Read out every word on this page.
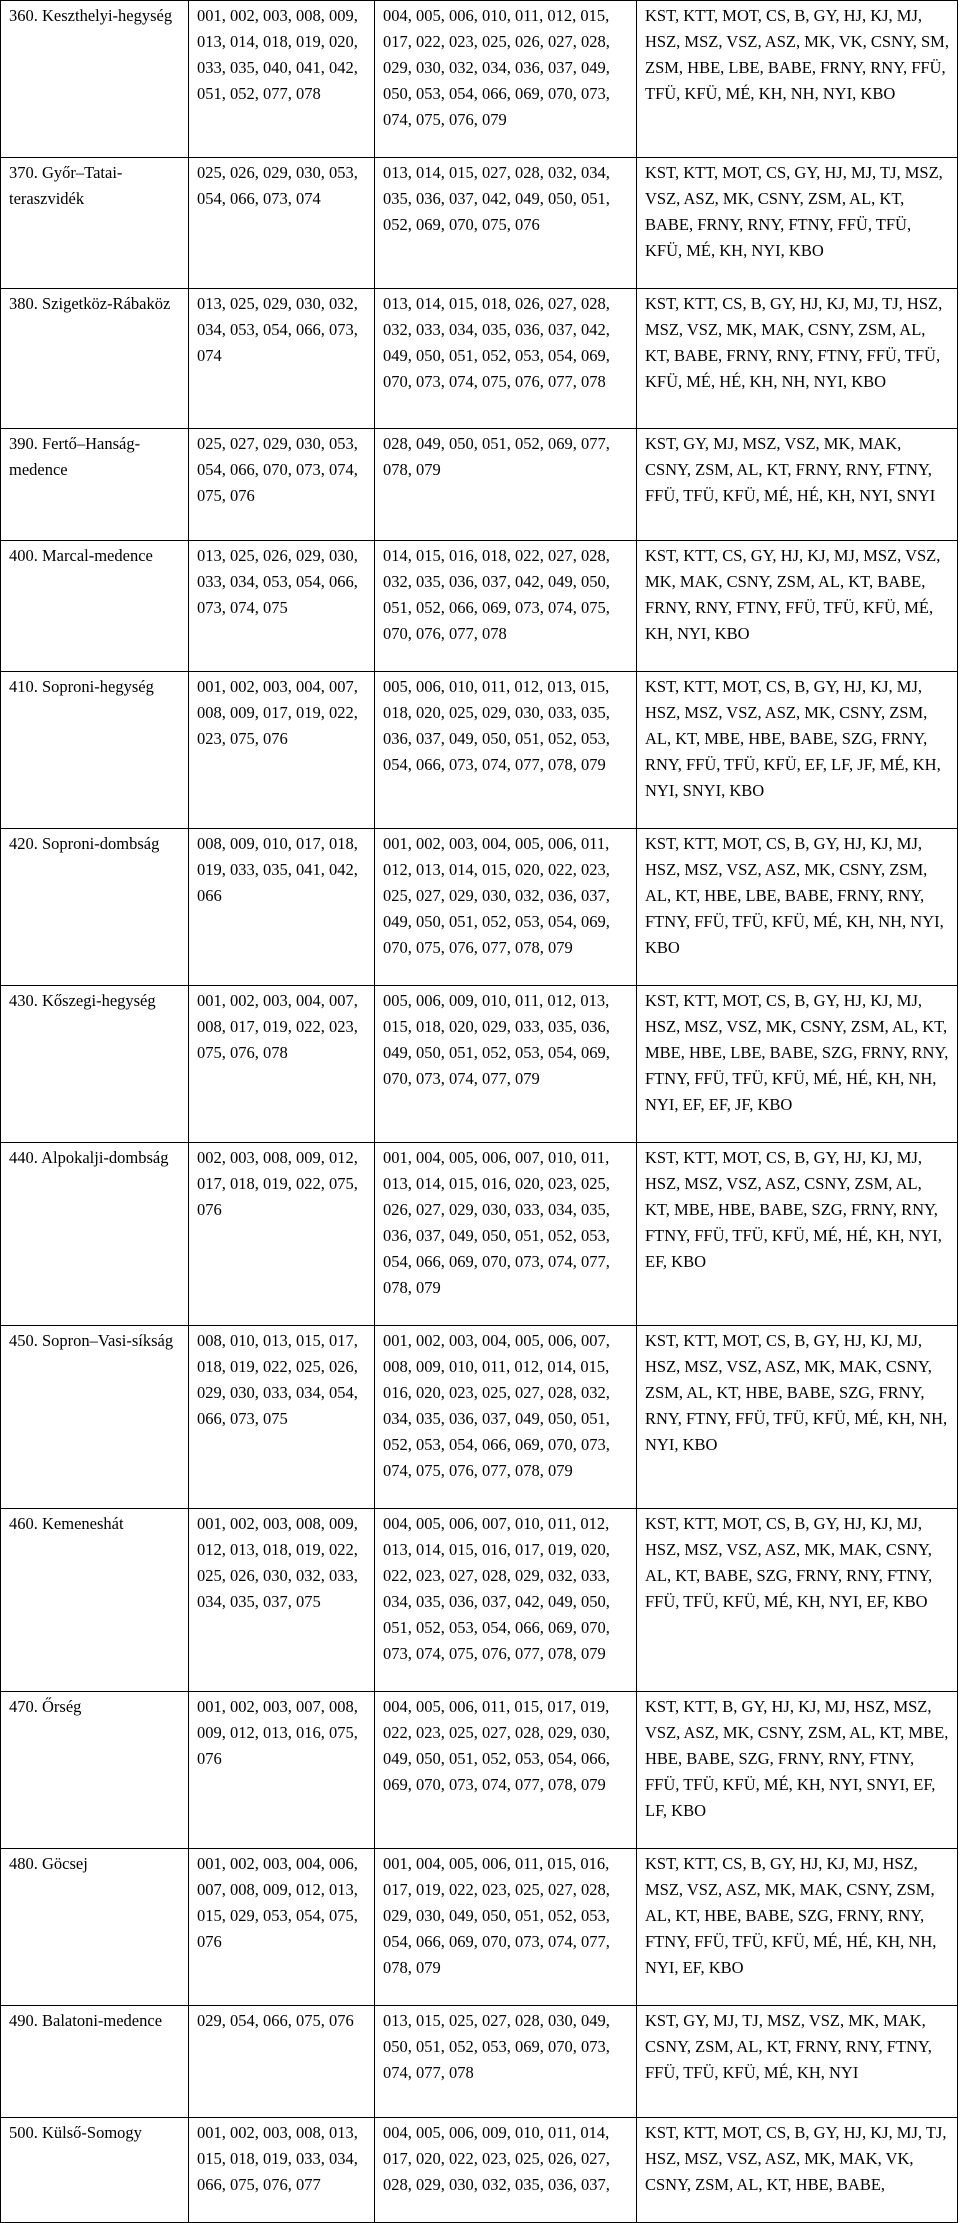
360. Keszthelyi-hegység	001, 002, 003, 008, 009, 013, 014, 018, 019, 020, 033, 035, 040, 041, 042, 051, 052, 077, 078	004, 005, 006, 010, 011, 012, 015, 017, 022, 023, 025, 026, 027, 028, 029, 030, 032, 034, 036, 037, 049, 050, 053, 054, 066, 069, 070, 073, 074, 075, 076, 079	KST, KTT, MOT, CS, B, GY, HJ, KJ, MJ, HSZ, MSZ, VSZ, ASZ, MK, VK, CSNY, SM, ZSM, HBE, LBE, BABE, FRNY, RNY, FFÜ, TFÜ, KFÜ, MÉ, KH, NH, NYI, KBO
370. Győr–Tatai-teraszvidék	025, 026, 029, 030, 053, 054, 066, 073, 074	013, 014, 015, 027, 028, 032, 034, 035, 036, 037, 042, 049, 050, 051, 052, 069, 070, 075, 076	KST, KTT, MOT, CS, GY, HJ, MJ, TJ, MSZ, VSZ, ASZ, MK, CSNY, ZSM, AL, KT, BABE, FRNY, RNY, FTNY, FFÜ, TFÜ, KFÜ, MÉ, KH, NYI, KBO
380. Szigetköz-Rábaköz	013, 025, 029, 030, 032, 034, 053, 054, 066, 073, 074	013, 014, 015, 018, 026, 027, 028, 032, 033, 034, 035, 036, 037, 042, 049, 050, 051, 052, 053, 054, 069, 070, 073, 074, 075, 076, 077, 078	KST, KTT, CS, B, GY, HJ, KJ, MJ, TJ, HSZ, MSZ, VSZ, MK, MAK, CSNY, ZSM, AL, KT, BABE, FRNY, RNY, FTNY, FFÜ, TFÜ, KFÜ, MÉ, HÉ, KH, NH, NYI, KBO
390. Fertő–Hanság-medence	025, 027, 029, 030, 053, 054, 066, 070, 073, 074, 075, 076	028, 049, 050, 051, 052, 069, 077, 078, 079	KST, GY, MJ, MSZ, VSZ, MK, MAK, CSNY, ZSM, AL, KT, FRNY, RNY, FTNY, FFÜ, TFÜ, KFÜ, MÉ, HÉ, KH, NYI, SNYI
400. Marcal-medence	013, 025, 026, 029, 030, 033, 034, 053, 054, 066, 073, 074, 075	014, 015, 016, 018, 022, 027, 028, 032, 035, 036, 037, 042, 049, 050, 051, 052, 066, 069, 073, 074, 075, 070, 076, 077, 078	KST, KTT, CS, GY, HJ, KJ, MJ, MSZ, VSZ, MK, MAK, CSNY, ZSM, AL, KT, BABE, FRNY, RNY, FTNY, FFÜ, TFÜ, KFÜ, MÉ, KH, NYI, KBO
410. Soproni-hegység	001, 002, 003, 004, 007, 008, 009, 017, 019, 022, 023, 075, 076	005, 006, 010, 011, 012, 013, 015, 018, 020, 025, 029, 030, 033, 035, 036, 037, 049, 050, 051, 052, 053, 054, 066, 073, 074, 077, 078, 079	KST, KTT, MOT, CS, B, GY, HJ, KJ, MJ, HSZ, MSZ, VSZ, ASZ, MK, CSNY, ZSM, AL, KT, MBE, HBE, BABE, SZG, FRNY, RNY, FFÜ, TFÜ, KFÜ, EF, LF, JF, MÉ, KH, NYI, SNYI, KBO
420. Soproni-dombság	008, 009, 010, 017, 018, 019, 033, 035, 041, 042, 066	001, 002, 003, 004, 005, 006, 011, 012, 013, 014, 015, 020, 022, 023, 025, 027, 029, 030, 032, 036, 037, 049, 050, 051, 052, 053, 054, 069, 070, 075, 076, 077, 078, 079	KST, KTT, MOT, CS, B, GY, HJ, KJ, MJ, HSZ, MSZ, VSZ, ASZ, MK, CSNY, ZSM, AL, KT, HBE, LBE, BABE, FRNY, RNY, FTNY, FFÜ, TFÜ, KFÜ, MÉ, KH, NH, NYI, KBO
430. Kőszegi-hegység	001, 002, 003, 004, 007, 008, 017, 019, 022, 023, 075, 076, 078	005, 006, 009, 010, 011, 012, 013, 015, 018, 020, 029, 033, 035, 036, 049, 050, 051, 052, 053, 054, 069, 070, 073, 074, 077, 079	KST, KTT, MOT, CS, B, GY, HJ, KJ, MJ, HSZ, MSZ, VSZ, MK, CSNY, ZSM, AL, KT, MBE, HBE, LBE, BABE, SZG, FRNY, RNY, FTNY, FFÜ, TFÜ, KFÜ, MÉ, HÉ, KH, NH, NYI, EF, EF, JF, KBO
440. Alpokalji-dombság	002, 003, 008, 009, 012, 017, 018, 019, 022, 075, 076	001, 004, 005, 006, 007, 010, 011, 013, 014, 015, 016, 020, 023, 025, 026, 027, 029, 030, 033, 034, 035, 036, 037, 049, 050, 051, 052, 053, 054, 066, 069, 070, 073, 074, 077, 078, 079	KST, KTT, MOT, CS, B, GY, HJ, KJ, MJ, HSZ, MSZ, VSZ, ASZ, CSNY, ZSM, AL, KT, MBE, HBE, BABE, SZG, FRNY, RNY, FTNY, FFÜ, TFÜ, KFÜ, MÉ, HÉ, KH, NYI, EF, KBO
450. Sopron–Vasi-síkság	008, 010, 013, 015, 017, 018, 019, 022, 025, 026, 029, 030, 033, 034, 054, 066, 073, 075	001, 002, 003, 004, 005, 006, 007, 008, 009, 010, 011, 012, 014, 015, 016, 020, 023, 025, 027, 028, 032, 034, 035, 036, 037, 049, 050, 051, 052, 053, 054, 066, 069, 070, 073, 074, 075, 076, 077, 078, 079	KST, KTT, MOT, CS, B, GY, HJ, KJ, MJ, HSZ, MSZ, VSZ, ASZ, MK, MAK, CSNY, ZSM, AL, KT, HBE, BABE, SZG, FRNY, RNY, FTNY, FFÜ, TFÜ, KFÜ, MÉ, KH, NH, NYI, KBO
460. Kemeneshát	001, 002, 003, 008, 009, 012, 013, 018, 019, 022, 025, 026, 030, 032, 033, 034, 035, 037, 075	004, 005, 006, 007, 010, 011, 012, 013, 014, 015, 016, 017, 019, 020, 022, 023, 027, 028, 029, 032, 033, 034, 035, 036, 037, 042, 049, 050, 051, 052, 053, 054, 066, 069, 070, 073, 074, 075, 076, 077, 078, 079	KST, KTT, MOT, CS, B, GY, HJ, KJ, MJ, HSZ, MSZ, VSZ, ASZ, MK, MAK, CSNY, AL, KT, BABE, SZG, FRNY, RNY, FTNY, FFÜ, TFÜ, KFÜ, MÉ, KH, NYI, EF, KBO
470. Őrség	001, 002, 003, 007, 008, 009, 012, 013, 016, 075, 076	004, 005, 006, 011, 015, 017, 019, 022, 023, 025, 027, 028, 029, 030, 049, 050, 051, 052, 053, 054, 066, 069, 070, 073, 074, 077, 078, 079	KST, KTT, B, GY, HJ, KJ, MJ, HSZ, MSZ, VSZ, ASZ, MK, CSNY, ZSM, AL, KT, MBE, HBE, BABE, SZG, FRNY, RNY, FTNY, FFÜ, TFÜ, KFÜ, MÉ, KH, NYI, SNYI, EF, LF, KBO
480. Göcsej	001, 002, 003, 004, 006, 007, 008, 009, 012, 013, 015, 029, 053, 054, 075, 076	001, 004, 005, 006, 011, 015, 016, 017, 019, 022, 023, 025, 027, 028, 029, 030, 049, 050, 051, 052, 053, 054, 066, 069, 070, 073, 074, 077, 078, 079	KST, KTT, CS, B, GY, HJ, KJ, MJ, HSZ, MSZ, VSZ, ASZ, MK, MAK, CSNY, ZSM, AL, KT, HBE, BABE, SZG, FRNY, RNY, FTNY, FFÜ, TFÜ, KFÜ, MÉ, HÉ, KH, NH, NYI, EF, KBO
490. Balatoni-medence	029, 054, 066, 075, 076	013, 015, 025, 027, 028, 030, 049, 050, 051, 052, 053, 069, 070, 073, 074, 077, 078	KST, GY, MJ, TJ, MSZ, VSZ, MK, MAK, CSNY, ZSM, AL, KT, FRNY, RNY, FTNY, FFÜ, TFÜ, KFÜ, MÉ, KH, NYI
500. Külső-Somogy	001, 002, 003, 008, 013, 015, 018, 019, 033, 034, 066, 075, 076, 077	004, 005, 006, 009, 010, 011, 014, 017, 020, 022, 023, 025, 026, 027, 028, 029, 030, 032, 035, 036, 037,	KST, KTT, MOT, CS, B, GY, HJ, KJ, MJ, TJ, HSZ, MSZ, VSZ, ASZ, MK, MAK, VK, CSNY, ZSM, AL, KT, HBE, BABE,
